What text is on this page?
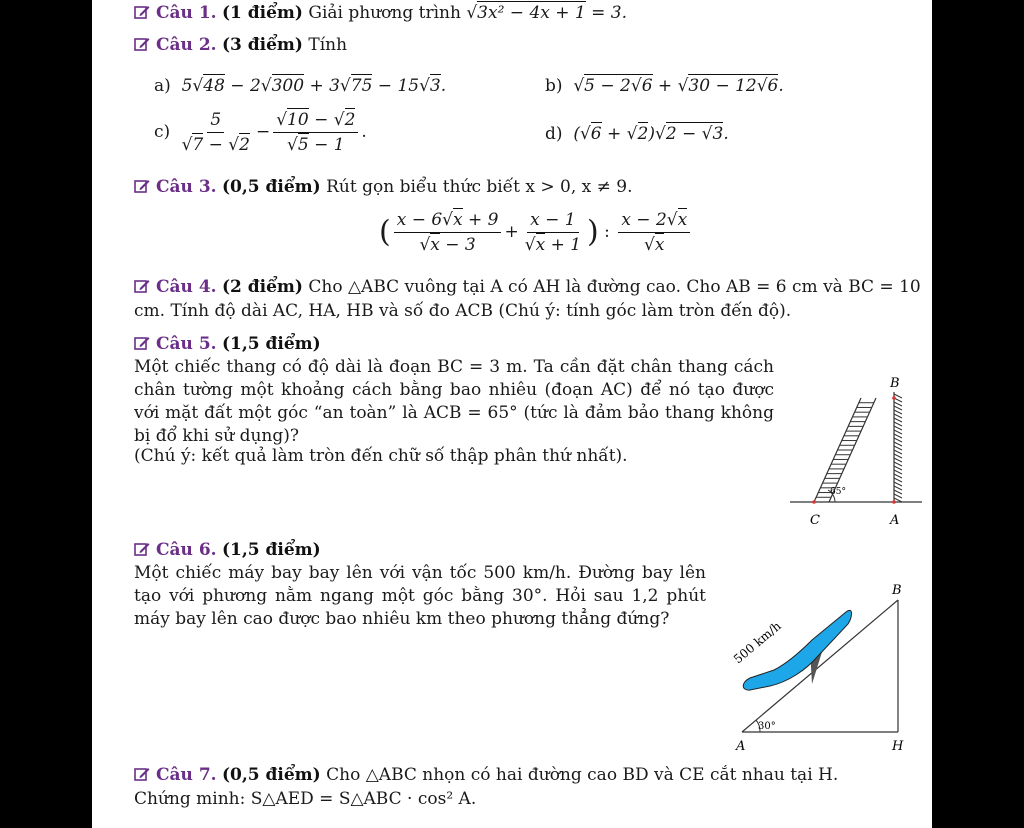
Câu 1. (1 điểm) Giải phương trình √3x² − 4x + 1 = 3.
Câu 2. (3 điểm) Tính
a) 5√48 − 2√300 + 3√75 − 15√3.	b) √5 − 2√6 + √30 − 12√6.
$c) \frac{5}{√7 - √2} - \frac{√10 - √2}{√5 - 1}$ .	d) (√6 + √2)√2 − √3.
Câu 3. (0,5 điểm) Rút gọn biểu thức biết x > 0, x ≠ 9.
( $\frac{x - 6√x + 9}{√x - 3} + \frac{x - 1}{√x + 1}$ ) : $\frac{x - 2√x}{√x}$
Câu 4. (2 điểm) Cho △ABC vuông tại A có AH là đường cao. Cho AB = 6 cm và BC = 10
cm. Tính độ dài AC, HA, HB và số đo ACB (Chú ý: tính góc làm tròn đến độ).
Câu 5. (1,5 điểm)
Một chiếc thang có độ dài là đoạn BC = 3 m. Ta cần đặt chân thang cách chân tường một khoảng cách bằng bao nhiêu (đoạn AC) để nó tạo được với mặt đất một góc “an toàn” là ACB = 65° (tức là đảm bảo thang không bị đổ khi sử dụng)?
(Chú ý: kết quả làm tròn đến chữ số thập phân thứ nhất).
65°
B
C	A
Câu 6. (1,5 điểm)
Một chiếc máy bay bay lên với vận tốc 500 km/h. Đường bay lên tạo với phương nằm ngang một góc bằng 30°. Hỏi sau 1,2 phút máy bay lên cao được bao nhiêu km theo phương thẳng đứng?
30°
500 km/h
B
A	H
Câu 7. (0,5 điểm) Cho △ABC nhọn có hai đường cao BD và CE cắt nhau tại H.
Chứng minh: S△AED = S△ABC · cos² A.
